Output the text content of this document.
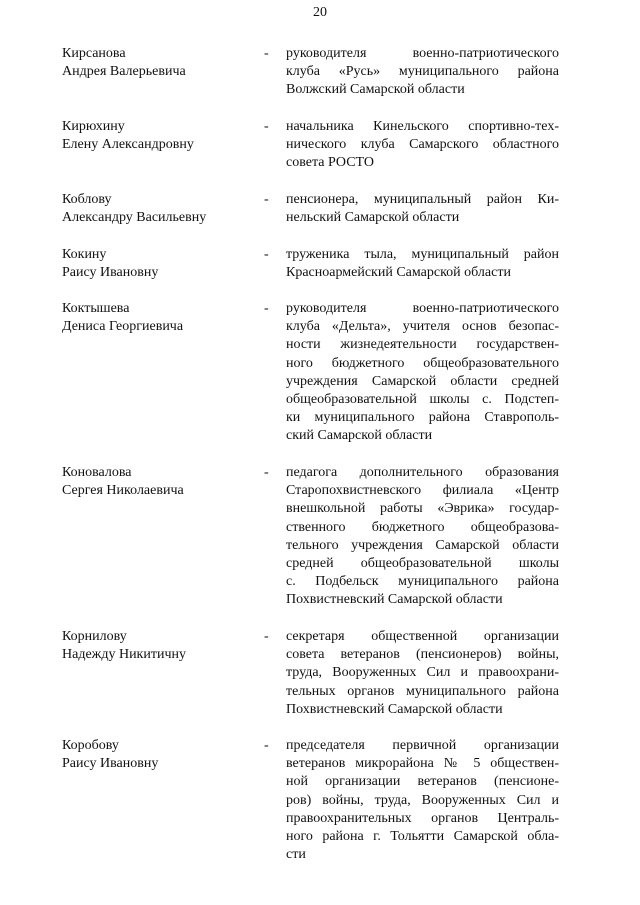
20
Кирсанова
Андрея Валерьевича
- руководителя военно-патриотического
клуба «Русь» муниципального района
Волжский Самарской области
Кирюхину
Елену Александровну
- начальника Кинельского спортивно-тех-
нического клуба Самарского областного
совета РОСТО
Коблову
Александру Васильевну
- пенсионера, муниципальный район Ки-
нельский Самарской области
Кокину
Раису Ивановну
- труженика тыла, муниципальный район
Красноармейский Самарской области
Коктышева
Дениса Георгиевича
- руководителя военно-патриотического
клуба «Дельта», учителя основ безопас-
ности жизнедеятельности государствен-
ного бюджетного общеобразовательного
учреждения Самарской области средней
общеобразовательной школы с. Подстеп-
ки муниципального района Ставрополь-
ский Самарской области
Коновалова
Сергея Николаевича
- педагога дополнительного образования
Старопохвистневского филиала «Центр
внешкольной работы «Эврика» государ-
ственного бюджетного общеобразова-
тельного учреждения Самарской области
средней общеобразовательной школы
с. Подбельск муниципального района
Похвистневский Самарской области
Корнилову
Надежду Никитичну
- секретаря общественной организации
совета ветеранов (пенсионеров) войны,
труда, Вооруженных Сил и правоохрани-
тельных органов муниципального района
Похвистневский Самарской области
Коробову
Раису Ивановну
- председателя первичной организации
ветеранов микрорайона № 5 обществен-
ной организации ветеранов (пенсионе-
ров) войны, труда, Вооруженных Сил и
правоохранительных органов Централь-
ного района г. Тольятти Самарской обла-
сти
